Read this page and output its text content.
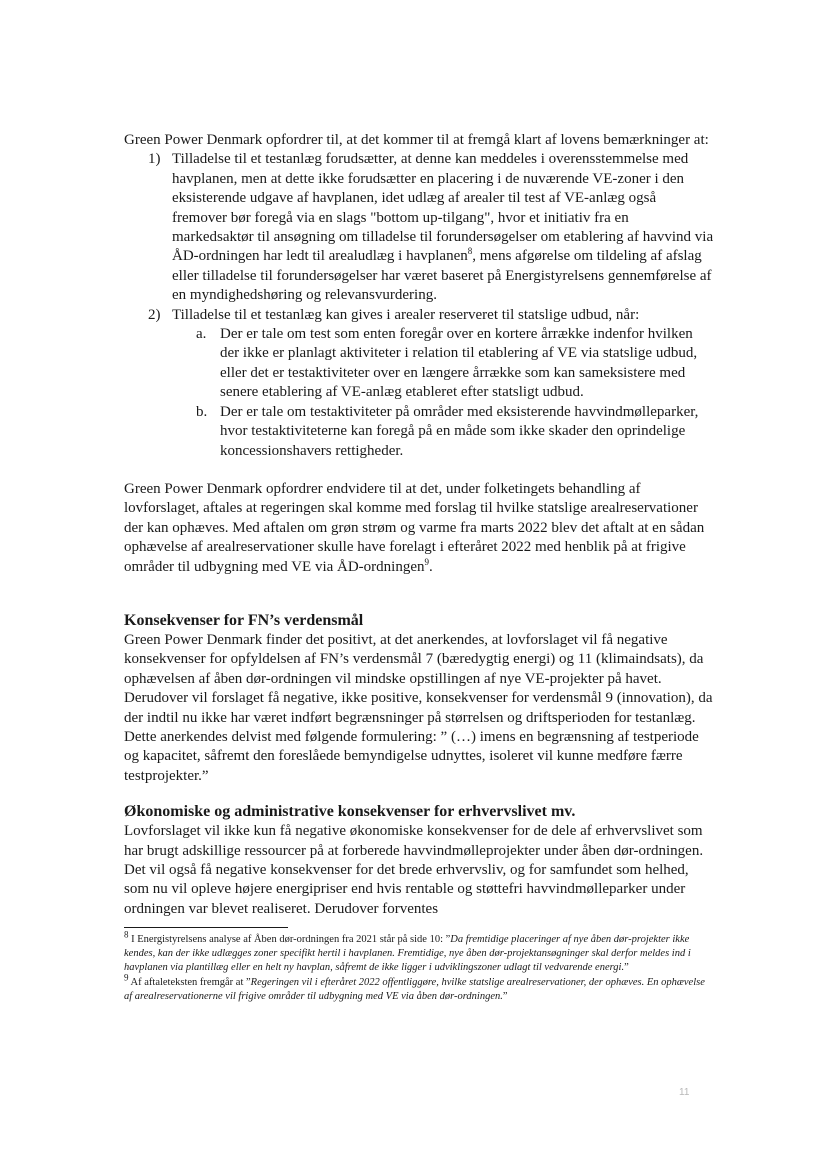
Green Power Denmark opfordrer til, at det kommer til at fremgå klart af lovens bemærkninger at:

1) Tilladelse til et testanlæg forudsætter, at denne kan meddeles i overensstemmelse med havplanen, men at dette ikke forudsætter en placering i de nuværende VE-zoner i den eksisterende udgave af havplanen, idet udlæg af arealer til test af VE-anlæg også fremover bør foregå via en slags "bottom up-tilgang", hvor et initiativ fra en markedsaktør til ansøgning om tilladelse til forundersøgelser om etablering af havvind via ÅD-ordningen har ledt til arealudlæg i havplanen$^8$, mens afgørelse om tildeling af afslag eller tilladelse til forundersøgelser har været baseret på Energistyrelsens gennemførelse af en myndighedshøring og relevansvurdering.
2) Tilladelse til et testanlæg kan gives i arealer reserveret til statslige udbud, når:
a. Der er tale om test som enten foregår over en kortere årrække indenfor hvilken der ikke er planlagt aktiviteter i relation til etablering af VE via statslige udbud, eller det er testaktiviteter over en længere årrække som kan sameksistere med senere etablering af VE-anlæg etableret efter statsligt udbud.
b. Der er tale om testaktiviteter på områder med eksisterende havvindmølleparker, hvor testaktiviteterne kan foregå på en måde som ikke skader den oprindelige koncessionshavers rettigheder.

Green Power Denmark opfordrer endvidere til at det, under folketingets behandling af lovforslaget, aftales at regeringen skal komme med forslag til hvilke statslige arealreservationer der kan ophæves. Med aftalen om grøn strøm og varme fra marts 2022 blev det aftalt at en sådan ophævelse af arealreservationer skulle have forelagt i efteråret 2022 med henblik på at frigive områder til udbygning med VE via ÅD-ordningen$^9$.

Konsekvenser for FN’s verdensmål

Green Power Denmark finder det positivt, at det anerkendes, at lovforslaget vil få negative konsekvenser for opfyldelsen af FN’s verdensmål 7 (bæredygtig energi) og 11 (klimaindsats), da ophævelsen af åben dør-ordningen vil mindske opstillingen af nye VE-projekter på havet. Derudover vil forslaget få negative, ikke positive, konsekvenser for verdensmål 9 (innovation), da der indtil nu ikke har været indført begrænsninger på størrelsen og driftsperioden for testanlæg. Dette anerkendes delvist med følgende formulering: ” (…) imens en begrænsning af testperiode og kapacitet, såfremt den foreslåede bemyndigelse udnyttes, isoleret vil kunne medføre færre testprojekter.”

Økonomiske og administrative konsekvenser for erhvervslivet mv.

Lovforslaget vil ikke kun få negative økonomiske konsekvenser for de dele af erhvervslivet som har brugt adskillige ressourcer på at forberede havvindmølleprojekter under åben dør-ordningen. Det vil også få negative konsekvenser for det brede erhvervsliv, og for samfundet som helhed, som nu vil opleve højere energipriser end hvis rentable og støttefri havvindmølleparker under ordningen var blevet realiseret. Derudover forventes

$^8$ I Energistyrelsens analyse af Åben dør-ordningen fra 2021 står på side 10: ”Da fremtidige placeringer af nye åben dør-projekter ikke kendes, kan der ikke udlægges zoner specifikt hertil i havplanen. Fremtidige, nye åben dør-projektansøgninger skal derfor meldes ind i havplanen via plantillæg eller en helt ny havplan, såfremt de ikke ligger i udviklingszoner udlagt til vedvarende energi.”

$^9$ Af aftaleteksten fremgår at ”Regeringen vil i efteråret 2022 offentliggøre, hvilke statslige arealreservationer, der ophæves. En ophævelse af arealreservationerne vil frigive områder til udbygning med VE via åben dør-ordningen.”

11
